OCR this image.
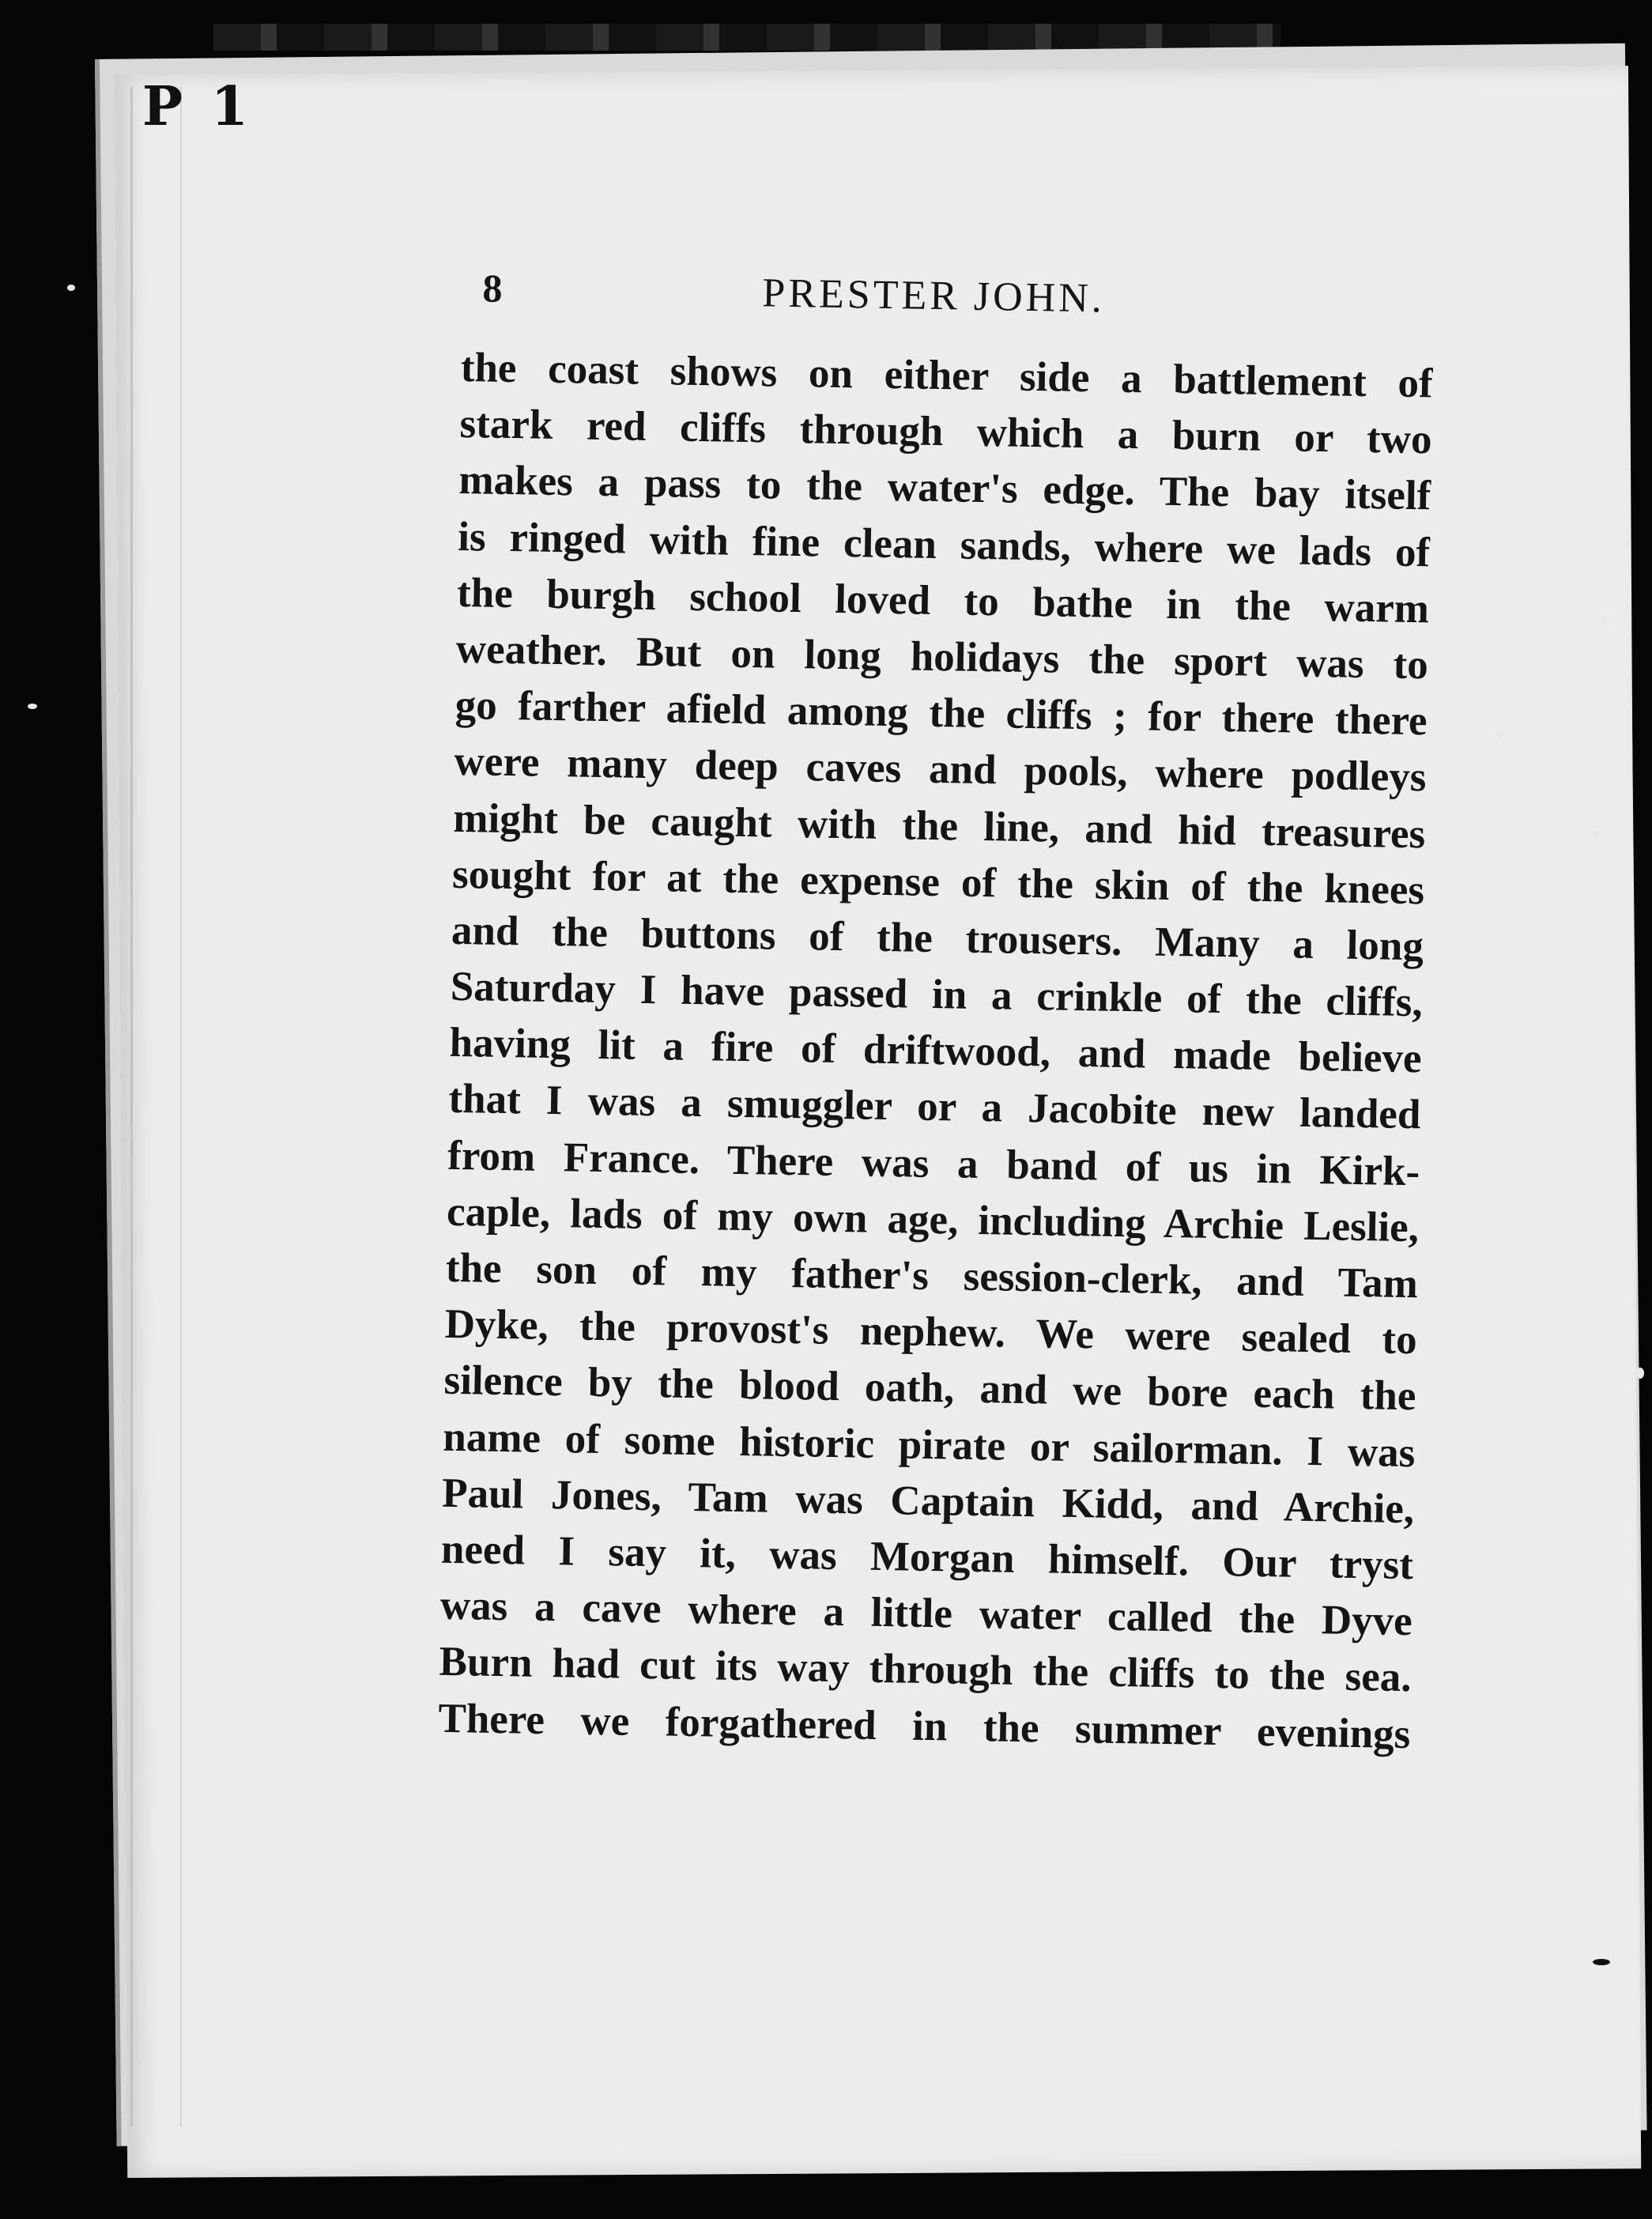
P 1
8	PRESTER JOHN.
the coast shows on either side a battlement of
stark red cliffs through which a burn or two
makes a pass to the water's edge. The bay itself
is ringed with fine clean sands, where we lads of
the burgh school loved to bathe in the warm
weather. But on long holidays the sport was to
go farther afield among the cliffs ; for there there
were many deep caves and pools, where podleys
might be caught with the line, and hid treasures
sought for at the expense of the skin of the knees
and the buttons of the trousers. Many a long
Saturday I have passed in a crinkle of the cliffs,
having lit a fire of driftwood, and made believe
that I was a smuggler or a Jacobite new landed
from France. There was a band of us in Kirk-
caple, lads of my own age, including Archie Leslie,
the son of my father's session-clerk, and Tam
Dyke, the provost's nephew. We were sealed to
silence by the blood oath, and we bore each the
name of some historic pirate or sailorman. I was
Paul Jones, Tam was Captain Kidd, and Archie,
need I say it, was Morgan himself. Our tryst
was a cave where a little water called the Dyve
Burn had cut its way through the cliffs to the sea.
There we forgathered in the summer evenings
